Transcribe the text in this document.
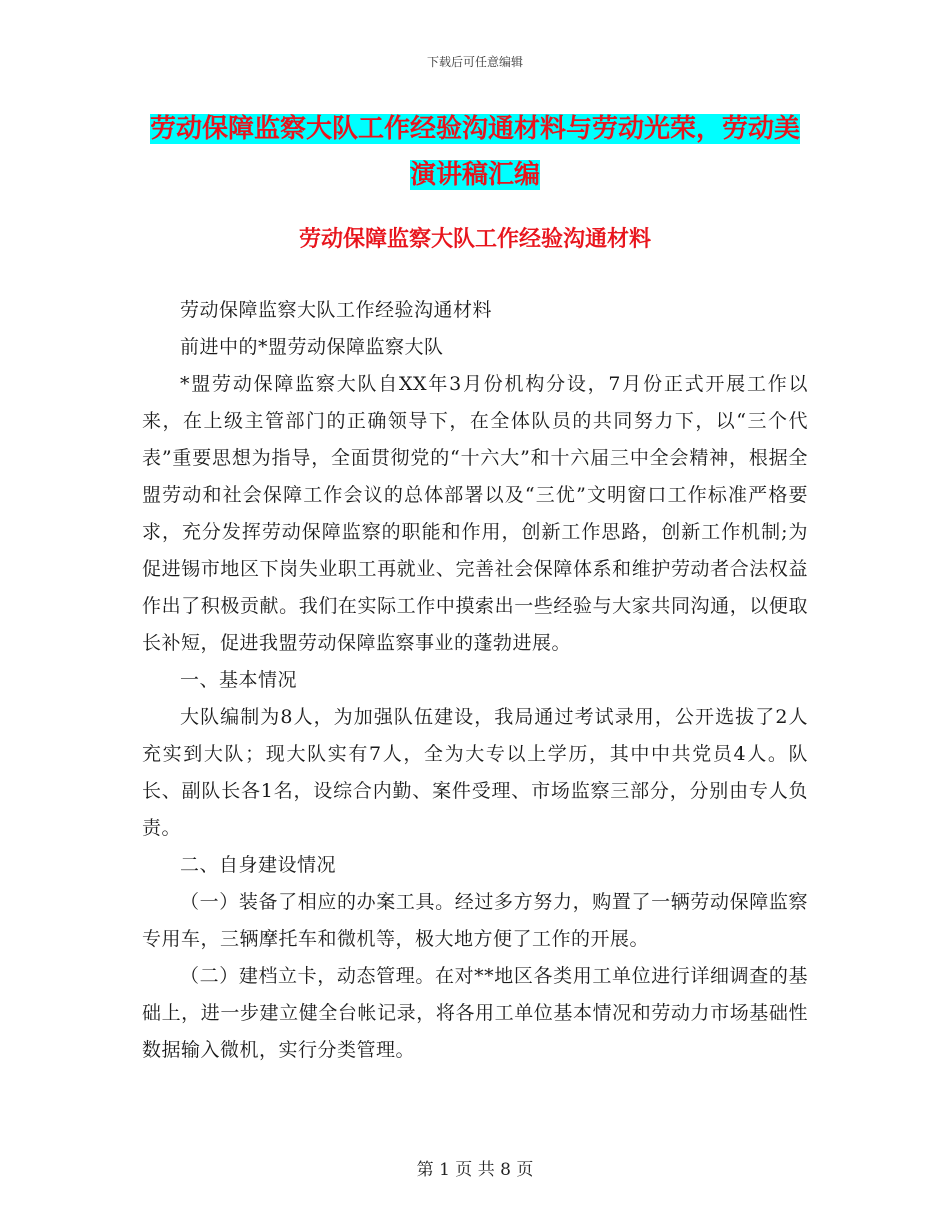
下载后可任意编辑
劳动保障监察大队工作经验沟通材料与劳动光荣，劳动美演讲稿汇编
劳动保障监察大队工作经验沟通材料

劳动保障监察大队工作经验沟通材料

前进中的*盟劳动保障监察大队

*盟劳动保障监察大队自XX年3月份机构分设，7月份正式开展工作以来，在上级主管部门的正确领导下，在全体队员的共同努力下，以“三个代表”重要思想为指导，全面贯彻党的“十六大”和十六届三中全会精神，根据全盟劳动和社会保障工作会议的总体部署以及“三优”文明窗口工作标准严格要求，充分发挥劳动保障监察的职能和作用，创新工作思路，创新工作机制;为促进锡市地区下岗失业职工再就业、完善社会保障体系和维护劳动者合法权益作出了积极贡献。我们在实际工作中摸索出一些经验与大家共同沟通，以便取长补短，促进我盟劳动保障监察事业的蓬勃进展。

一、基本情况

大队编制为8人，为加强队伍建设，我局通过考试录用，公开选拔了2人充实到大队；现大队实有7人，全为大专以上学历，其中中共党员4人。队长、副队长各1名，设综合内勤、案件受理、市场监察三部分，分别由专人负责。

二、自身建设情况

（一）装备了相应的办案工具。经过多方努力，购置了一辆劳动保障监察专用车，三辆摩托车和微机等，极大地方便了工作的开展。

（二）建档立卡，动态管理。在对**地区各类用工单位进行详细调查的基础上，进一步建立健全台帐记录，将各用工单位基本情况和劳动力市场基础性数据输入微机，实行分类管理。

第 1 页 共 8 页
